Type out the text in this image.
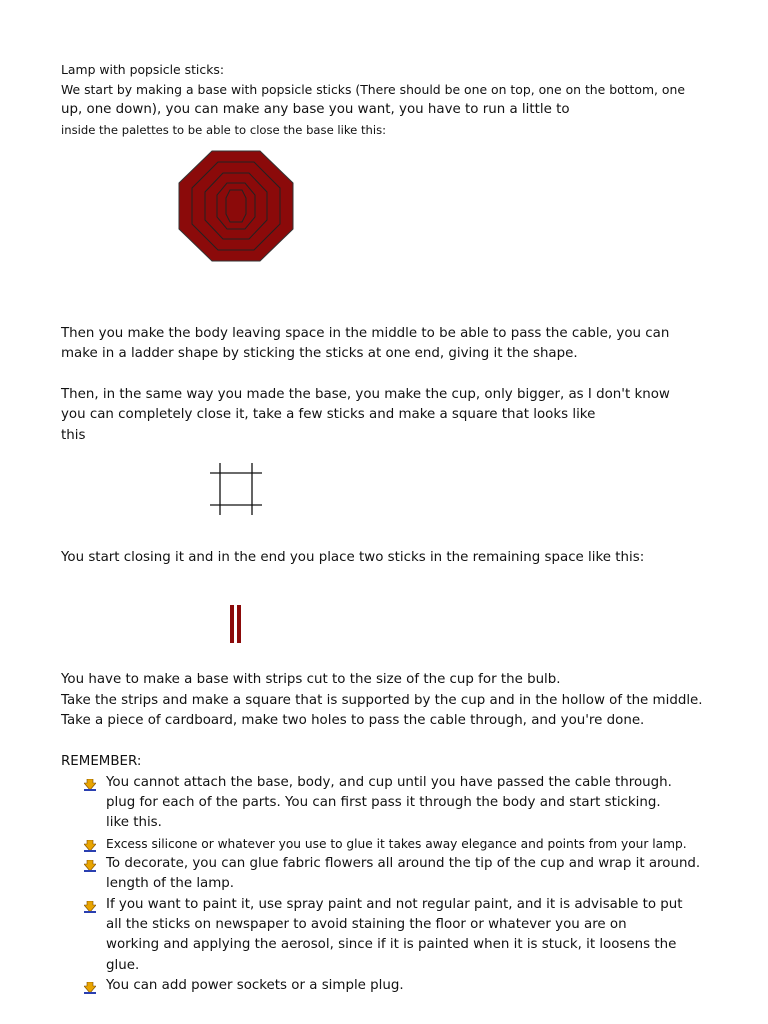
Lamp with popsicle sticks:
We start by making a base with popsicle sticks (There should be one on top, one on the bottom, one
up, one down), you can make any base you want, you have to run a little to
inside the palettes to be able to close the base like this:
Then you make the body leaving space in the middle to be able to pass the cable, you can
make in a ladder shape by sticking the sticks at one end, giving it the shape.
Then, in the same way you made the base, you make the cup, only bigger, as I don't know
you can completely close it, take a few sticks and make a square that looks like
this
You start closing it and in the end you place two sticks in the remaining space like this:
You have to make a base with strips cut to the size of the cup for the bulb.
Take the strips and make a square that is supported by the cup and in the hollow of the middle.
Take a piece of cardboard, make two holes to pass the cable through, and you're done.
REMEMBER:
You cannot attach the base, body, and cup until you have passed the cable through.
plug for each of the parts. You can first pass it through the body and start sticking.
like this.
Excess silicone or whatever you use to glue it takes away elegance and points from your lamp.
To decorate, you can glue fabric flowers all around the tip of the cup and wrap it around.
length of the lamp.
If you want to paint it, use spray paint and not regular paint, and it is advisable to put
all the sticks on newspaper to avoid staining the floor or whatever you are on
working and applying the aerosol, since if it is painted when it is stuck, it loosens the
glue.
You can add power sockets or a simple plug.
